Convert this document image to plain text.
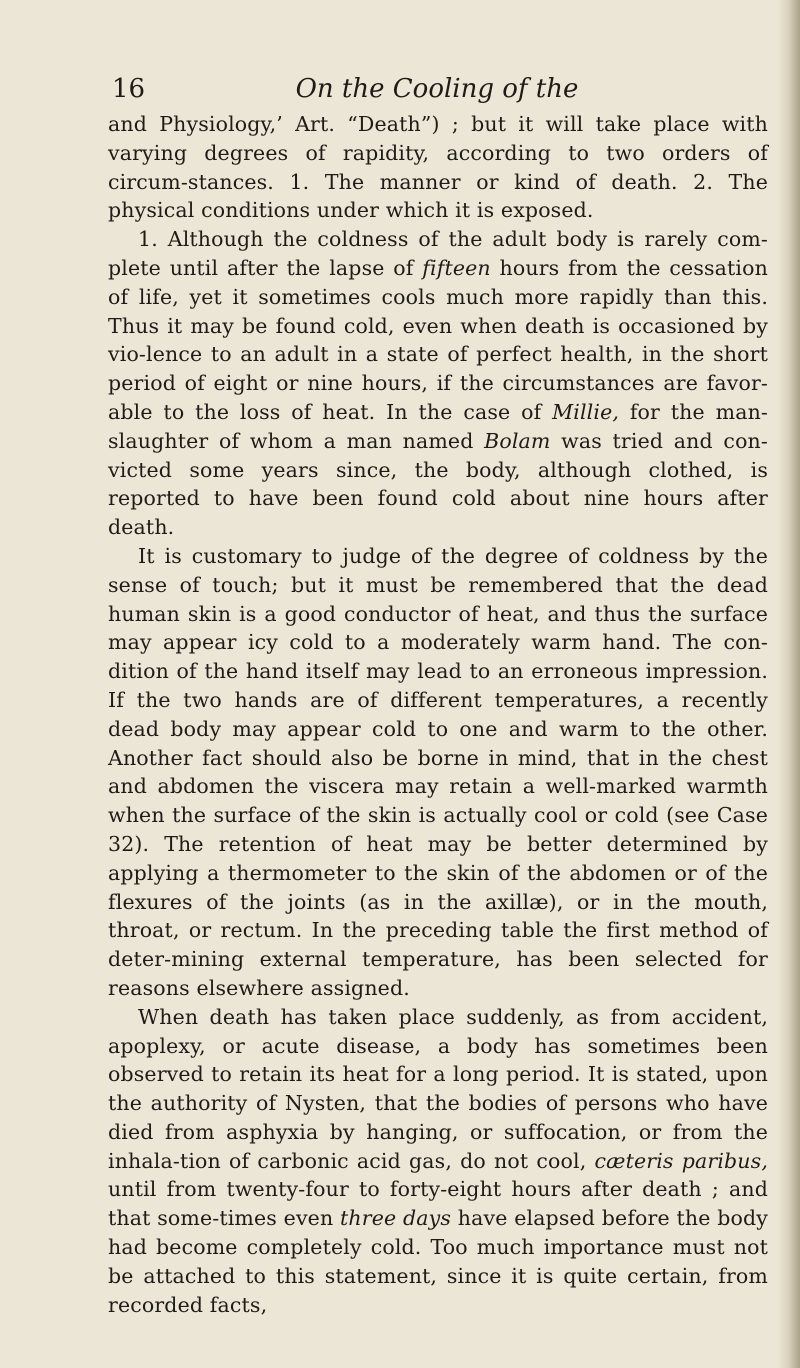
16	On the Cooling of the

and Physiology,’ Art. “Death”) ; but it will take place with varying degrees of rapidity, according to two orders of circum-stances. 1. The manner or kind of death. 2. The physical conditions under which it is exposed.

1. Although the coldness of the adult body is rarely com-plete until after the lapse of fifteen hours from the cessation of life, yet it sometimes cools much more rapidly than this. Thus it may be found cold, even when death is occasioned by vio-lence to an adult in a state of perfect health, in the short period of eight or nine hours, if the circumstances are favor-able to the loss of heat. In the case of Millie, for the man-slaughter of whom a man named Bolam was tried and con-victed some years since, the body, although clothed, is reported to have been found cold about nine hours after death.

It is customary to judge of the degree of coldness by the sense of touch; but it must be remembered that the dead human skin is a good conductor of heat, and thus the surface may appear icy cold to a moderately warm hand. The con-dition of the hand itself may lead to an erroneous impression. If the two hands are of different temperatures, a recently dead body may appear cold to one and warm to the other. Another fact should also be borne in mind, that in the chest and abdomen the viscera may retain a well-marked warmth when the surface of the skin is actually cool or cold (see Case 32). The retention of heat may be better determined by applying a thermometer to the skin of the abdomen or of the flexures of the joints (as in the axillæ), or in the mouth, throat, or rectum. In the preceding table the first method of deter-mining external temperature, has been selected for reasons elsewhere assigned.

When death has taken place suddenly, as from accident, apoplexy, or acute disease, a body has sometimes been observed to retain its heat for a long period. It is stated, upon the authority of Nysten, that the bodies of persons who have died from asphyxia by hanging, or suffocation, or from the inhala-tion of carbonic acid gas, do not cool, cæteris paribus, until from twenty-four to forty-eight hours after death ; and that some-times even three days have elapsed before the body had become completely cold. Too much importance must not be attached to this statement, since it is quite certain, from recorded facts,
